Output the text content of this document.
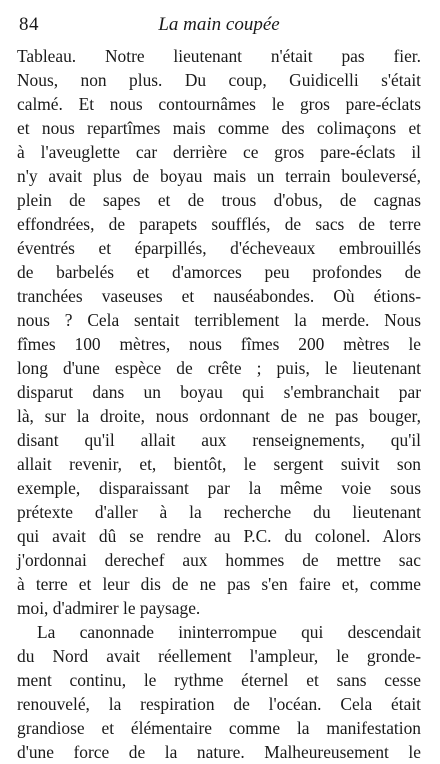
84	La main coupée
Tableau. Notre lieutenant n'était pas fier.
Nous, non plus. Du coup, Guidicelli s'était
calmé. Et nous contournâmes le gros pare-éclats
et nous repartîmes mais comme des colimaçons et
à l'aveuglette car derrière ce gros pare-éclats il
n'y avait plus de boyau mais un terrain bouleversé,
plein de sapes et de trous d'obus, de cagnas
effondrées, de parapets soufflés, de sacs de terre
éventrés et éparpillés, d'écheveaux embrouillés
de barbelés et d'amorces peu profondes de
tranchées vaseuses et nauséabondes. Où étions-
nous ? Cela sentait terriblement la merde. Nous
fîmes 100 mètres, nous fîmes 200 mètres le
long d'une espèce de crête ; puis, le lieutenant
disparut dans un boyau qui s'embranchait par
là, sur la droite, nous ordonnant de ne pas bouger,
disant qu'il allait aux renseignements, qu'il
allait revenir, et, bientôt, le sergent suivit son
exemple, disparaissant par la même voie sous
prétexte d'aller à la recherche du lieutenant
qui avait dû se rendre au P.C. du colonel. Alors
j'ordonnai derechef aux hommes de mettre sac
à terre et leur dis de ne pas s'en faire et, comme
moi, d'admirer le paysage.
La canonnade ininterrompue qui descendait
du Nord avait réellement l'ampleur, le grondе-
ment continu, le rythme éternel et sans cesse
renouvelé, la respiration de l'océan. Cela était
grandiose et élémentaire comme la manifestation
d'une force de la nature. Malheureusement le
